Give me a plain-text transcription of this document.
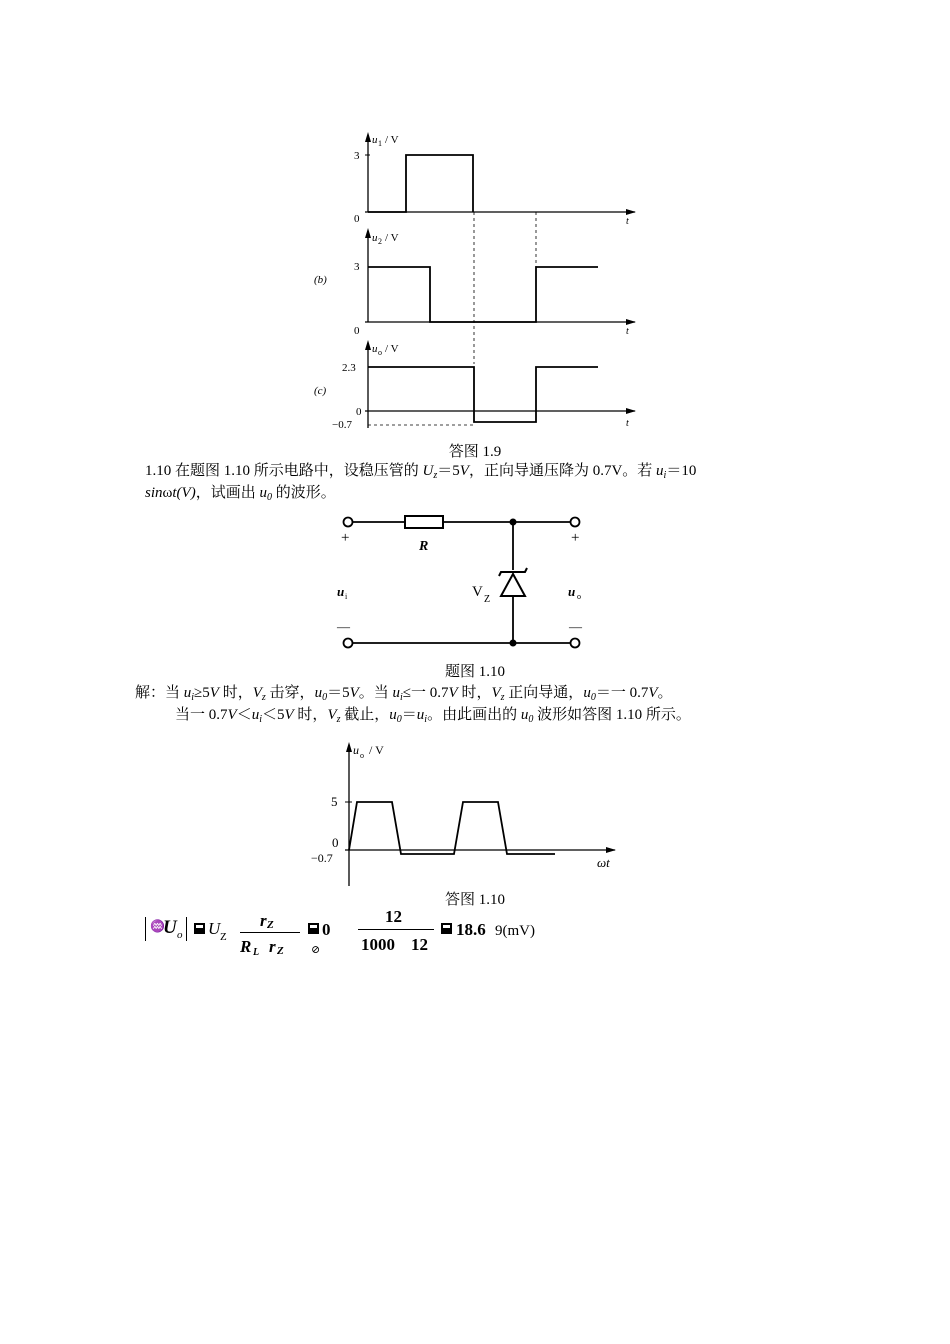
u 1 / V
3
0	t
u 2 / V
3
0	t
(b)
u o / V
2.3
0
−0.7	t
(c)
答图 1.9
1.10 在题图 1.10 所示电路中，设稳压管的 $U_z=5V$，正向导通压降为 0.7V。若 $u_i=10$
sinωt(V)，试画出 $u_0$ 的波形。
R
V Z
u i	u o
+	+
—	—
题图 1.10
解：当 $u_i\ge 5V$ 时，$V_z$ 击穿，$u_0=5V$。当 $u_i\le$一 0.7V 时，$V_z$ 正向导通，$u_0=$一 0.7V。
当一 $0.7V<u_i<5V$ 时，$V_z$ 截止，$u_0=u_i$。由此画出的 $u_0$ 波形如答图 1.10 所示。
u o / V
5
0
−0.7	ωt
答图 1.10
♒
U o U Z
r Z
R L r Z
0
⊘
12
1000 12
18.6 9(mV)
